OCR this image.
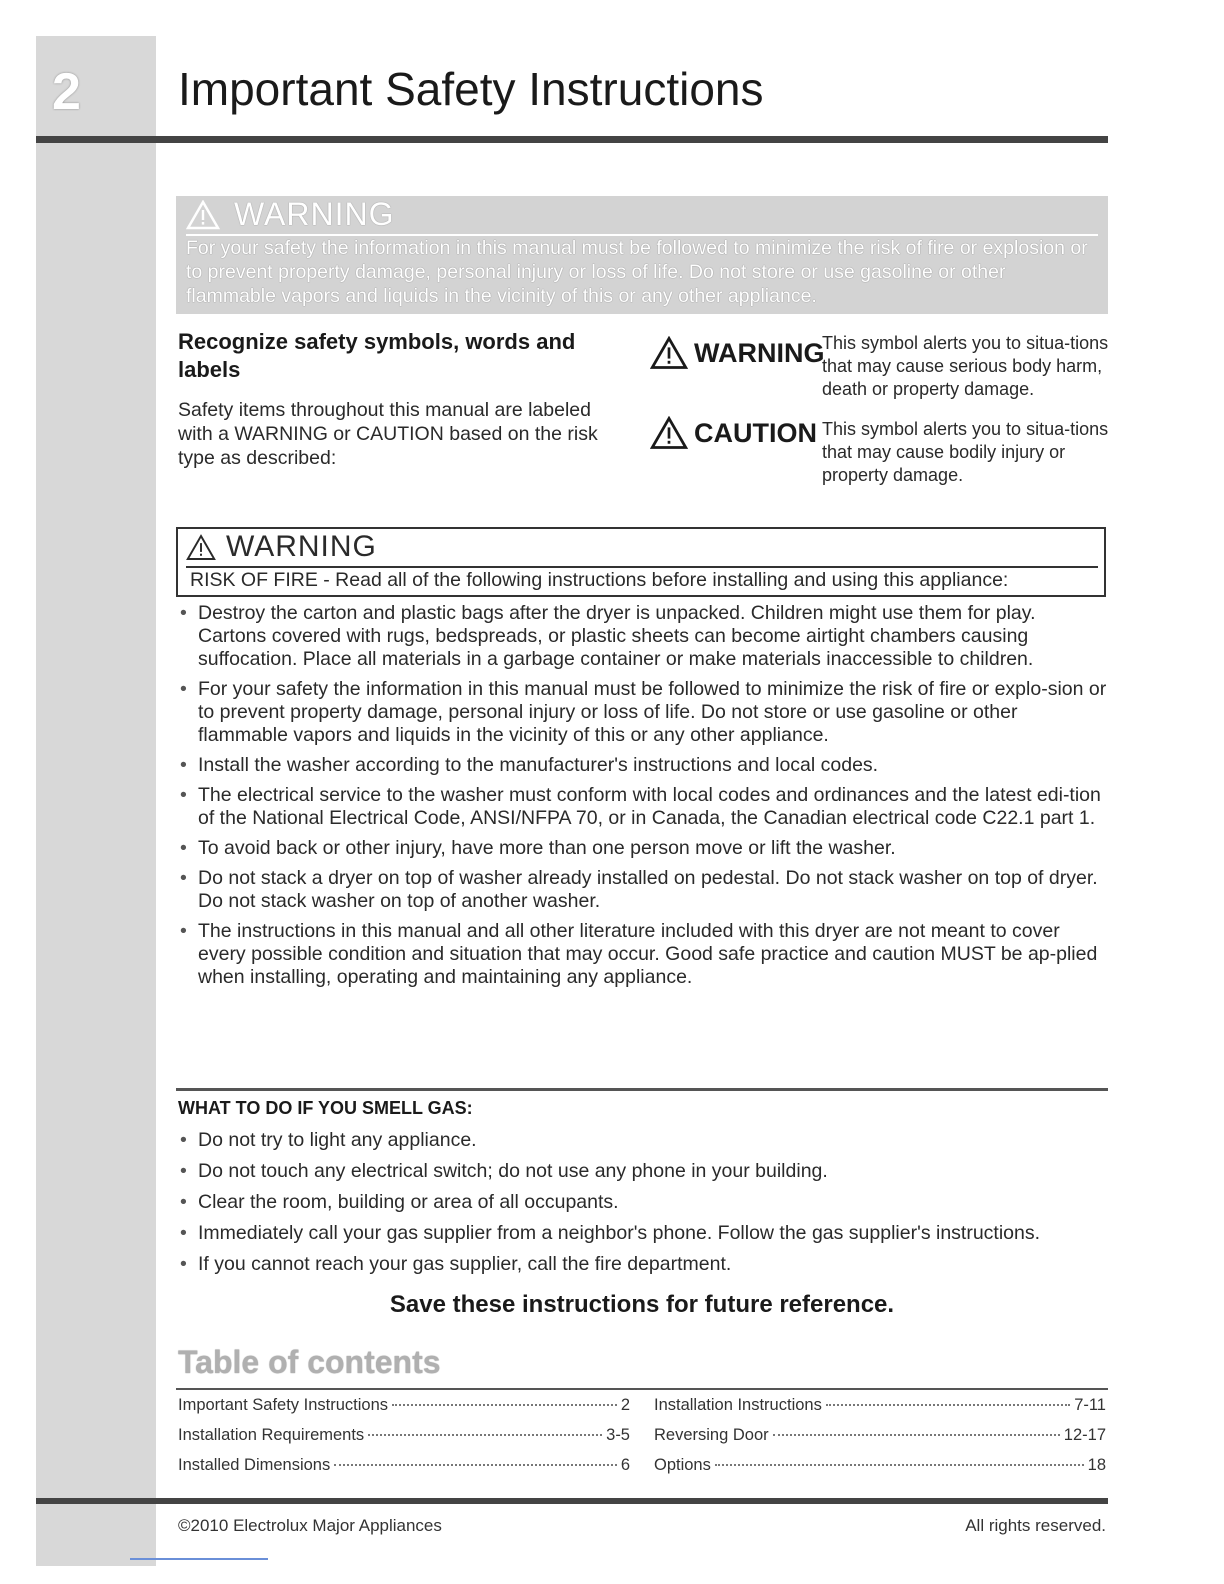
2 Important Safety Instructions
WARNING
For your safety the information in this manual must be followed to minimize the risk of fire or explosion or to prevent property damage, personal injury or loss of life. Do not store or use gasoline or other flammable vapors and liquids in the vicinity of this or any other appliance.
Recognize safety symbols, words and labels
Safety items throughout this manual are labeled with a WARNING or CAUTION based on the risk type as described:
WARNING
This symbol alerts you to situa-tions that may cause serious body harm, death or property damage.
CAUTION This symbol alerts you to situa-tions that may cause bodily injury or property damage.
WARNING
RISK OF FIRE - Read all of the following instructions before installing and using this appliance:
• Destroy the carton and plastic bags after the dryer is unpacked. Children might use them for play. Cartons covered with rugs, bedspreads, or plastic sheets can become airtight chambers causing suffocation. Place all materials in a garbage container or make materials inaccessible to children.
• For your safety the information in this manual must be followed to minimize the risk of fire or explo-sion or to prevent property damage, personal injury or loss of life. Do not store or use gasoline or other flammable vapors and liquids in the vicinity of this or any other appliance.
• Install the washer according to the manufacturer's instructions and local codes.
• The electrical service to the washer must conform with local codes and ordinances and the latest edi-tion of the National Electrical Code, ANSI/NFPA 70, or in Canada, the Canadian electrical code C22.1 part 1.
• To avoid back or other injury, have more than one person move or lift the washer.
• Do not stack a dryer on top of washer already installed on pedestal. Do not stack washer on top of dryer. Do not stack washer on top of another washer.
• The instructions in this manual and all other literature included with this dryer are not meant to cover every possible condition and situation that may occur. Good safe practice and caution MUST be ap-plied when installing, operating and maintaining any appliance.
WHAT TO DO IF YOU SMELL GAS:
• Do not try to light any appliance.
• Do not touch any electrical switch; do not use any phone in your building.
• Clear the room, building or area of all occupants.
• Immediately call your gas supplier from a neighbor's phone. Follow the gas supplier's instructions.
• If you cannot reach your gas supplier, call the fire department.
Save these instructions for future reference.
Table of contents
Important Safety Instructions	2
Installation Requirements	3-5
Installed Dimensions	6
Installation Instructions	7-11
Reversing Door	12-17
Options	18
©2010 Electrolux Major Appliances	All rights reserved.
